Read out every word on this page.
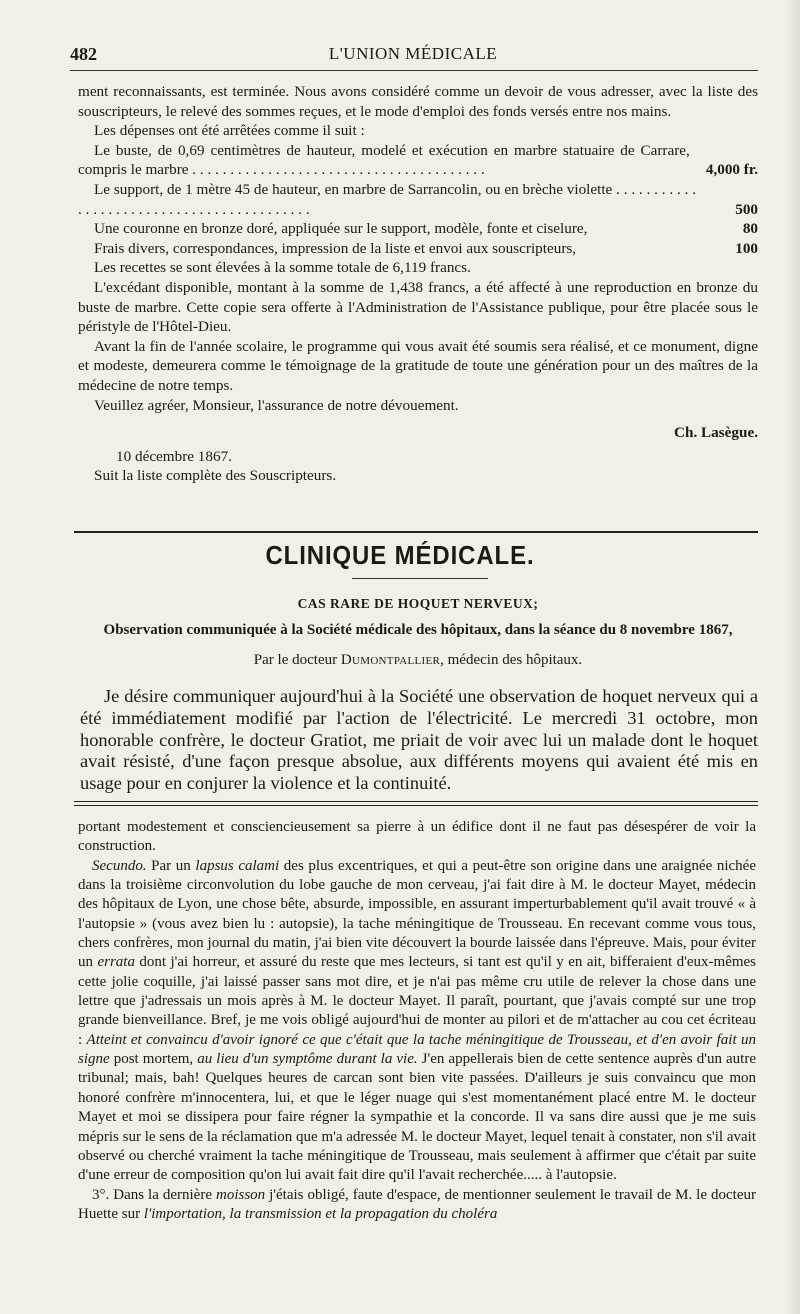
482	L'UNION MÉDICALE

ment reconnaissants, est terminée. Nous avons considéré comme un devoir de vous adresser, avec la liste des souscripteurs, le relevé des sommes reçues, et le mode d'emploi des fonds versés entre nos mains.

Les dépenses ont été arrêtées comme il suit :

Le buste, de 0,69 centimètres de hauteur, modelé et exécution en marbre statuaire de Carrare, compris le marbre . . . . . . . . . . . . . . . . . . . . . . . . . . . . . . . . . . . . . . .	4,000 fr.
Le support, de 1 mètre 45 de hauteur, en marbre de Sarrancolin, ou en brèche violette . . . . . . . . . . . . . . . . . . . . . . . . . . . . . . . . . . . . . . . . . .	500
Une couronne en bronze doré, appliquée sur le support, modèle, fonte et ciselure,	80
Frais divers, correspondances, impression de la liste et envoi aux souscripteurs,	100

Les recettes se sont élevées à la somme totale de 6,119 francs.

L'excédant disponible, montant à la somme de 1,438 francs, a été affecté à une reproduction en bronze du buste de marbre. Cette copie sera offerte à l'Administration de l'Assistance publique, pour être placée sous le péristyle de l'Hôtel-Dieu.

Avant la fin de l'année scolaire, le programme qui vous avait été soumis sera réalisé, et ce monument, digne et modeste, demeurera comme le témoignage de la gratitude de toute une génération pour un des maîtres de la médecine de notre temps.

Veuillez agréer, Monsieur, l'assurance de notre dévouement.

Ch. Lasègue.

10 décembre 1867.

Suit la liste complète des Souscripteurs.

CLINIQUE MÉDICALE.
CAS RARE DE HOQUET NERVEUX;
Observation communiquée à la Société médicale des hôpitaux, dans la séance du 8 novembre 1867,
Par le docteur Dumontpallier, médecin des hôpitaux.

Je désire communiquer aujourd'hui à la Société une observation de hoquet nerveux qui a été immédiatement modifié par l'action de l'électricité. Le mercredi 31 octobre, mon honorable confrère, le docteur Gratiot, me priait de voir avec lui un malade dont le hoquet avait résisté, d'une façon presque absolue, aux différents moyens qui avaient été mis en usage pour en conjurer la violence et la continuité.

portant modestement et consciencieusement sa pierre à un édifice dont il ne faut pas désespérer de voir la construction.

Secundo. Par un lapsus calami des plus excentriques, et qui a peut-être son origine dans une araignée nichée dans la troisième circonvolution du lobe gauche de mon cerveau, j'ai fait dire à M. le docteur Mayet, médecin des hôpitaux de Lyon, une chose bête, absurde, impossible, en assurant imperturbablement qu'il avait trouvé « à l'autopsie » (vous avez bien lu : autopsie), la tache méningitique de Trousseau. En recevant comme vous tous, chers confrères, mon journal du matin, j'ai bien vite découvert la bourde laissée dans l'épreuve. Mais, pour éviter un errata dont j'ai horreur, et assuré du reste que mes lecteurs, si tant est qu'il y en ait, bifferaient d'eux-mêmes cette jolie coquille, j'ai laissé passer sans mot dire, et je n'ai pas même cru utile de relever la chose dans une lettre que j'adressais un mois après à M. le docteur Mayet. Il paraît, pourtant, que j'avais compté sur une trop grande bienveillance. Bref, je me vois obligé aujourd'hui de monter au pilori et de m'attacher au cou cet écriteau : Atteint et convaincu d'avoir ignoré ce que c'était que la tache méningitique de Trousseau, et d'en avoir fait un signe post mortem, au lieu d'un symptôme durant la vie. J'en appellerais bien de cette sentence auprès d'un autre tribunal; mais, bah! Quelques heures de carcan sont bien vite passées. D'ailleurs je suis convaincu que mon honoré confrère m'innocentera, lui, et que le léger nuage qui s'est momentanément placé entre M. le docteur Mayet et moi se dissipera pour faire régner la sympathie et la concorde. Il va sans dire aussi que je me suis mépris sur le sens de la réclamation que m'a adressée M. le docteur Mayet, lequel tenait à constater, non s'il avait observé ou cherché vraiment la tache méningitique de Trousseau, mais seulement à affirmer que c'était par suite d'une erreur de composition qu'on lui avait fait dire qu'il l'avait recherchée..... à l'autopsie.

3°. Dans la dernière moisson j'étais obligé, faute d'espace, de mentionner seulement le travail de M. le docteur Huette sur l'importation, la transmission et la propagation du choléra
